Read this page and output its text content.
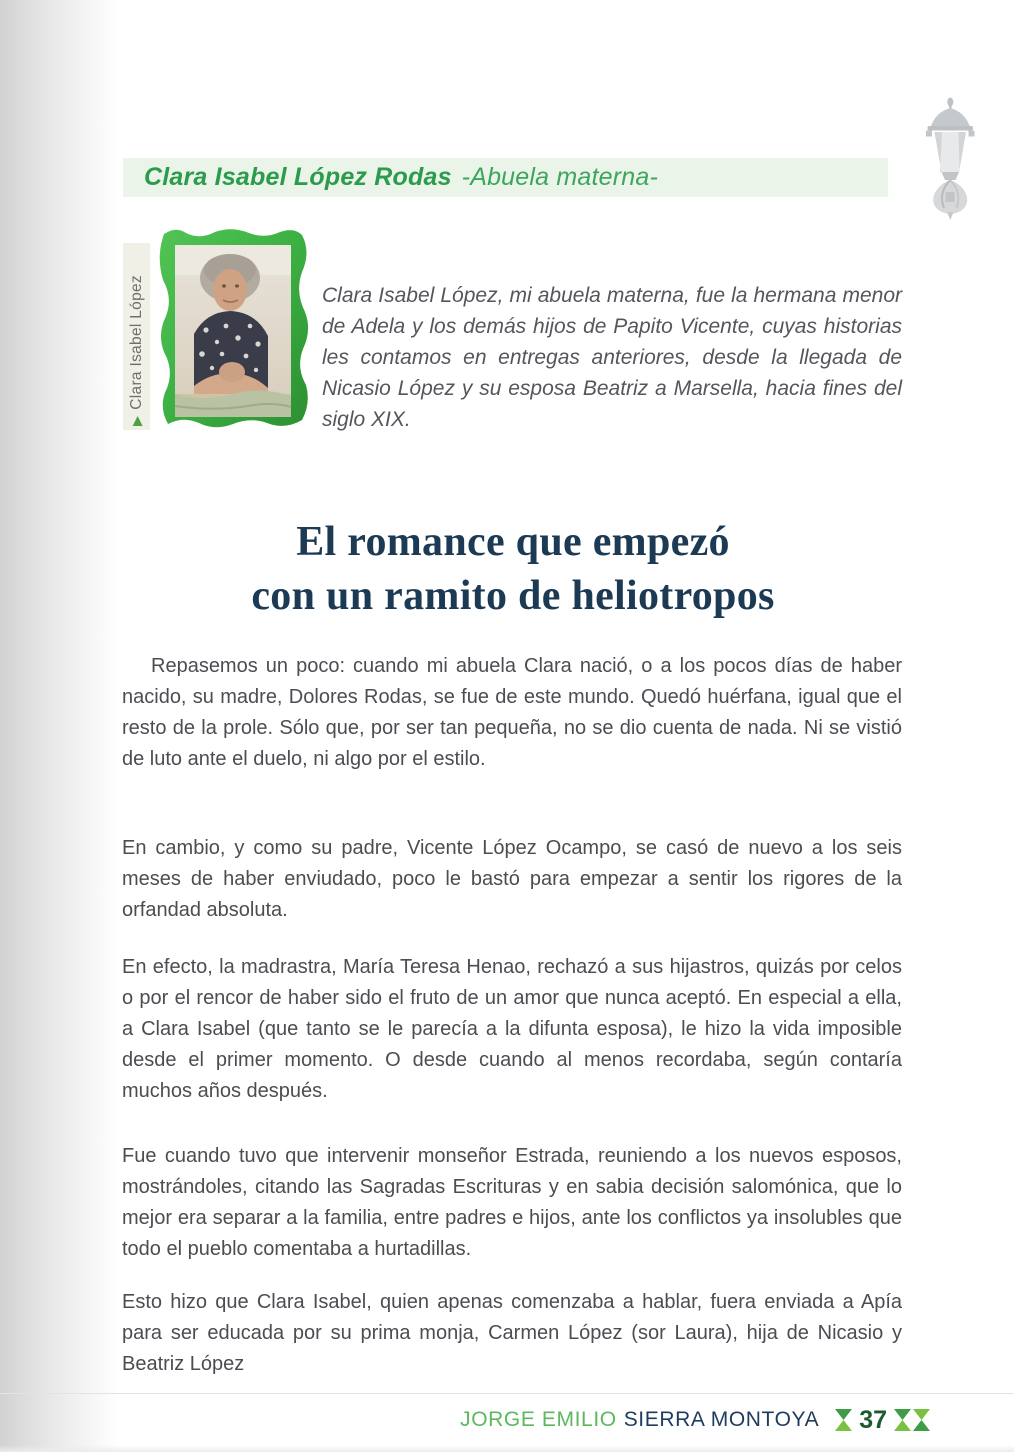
Clara Isabel López Rodas -Abuela materna-
▶Clara Isabel López	Clara Isabel López, mi abuela materna, fue la hermana menor de Adela y los demás hijos de Papito Vicente, cuyas historias les contamos en entregas anteriores, desde la llegada de Nicasio López y su esposa Beatriz a Marsella, hacia fines del siglo XIX.

El romance que empezó
con un ramito de heliotropos

Repasemos un poco: cuando mi abuela Clara nació, o a los pocos días de haber nacido, su madre, Dolores Rodas, se fue de este mundo. Quedó huérfana, igual que el resto de la prole. Sólo que, por ser tan pequeña, no se dio cuenta de nada. Ni se vistió de luto ante el duelo, ni algo por el estilo.

En cambio, y como su padre, Vicente López Ocampo, se casó de nuevo a los seis meses de haber enviudado, poco le bastó para empezar a sentir los rigores de la orfandad absoluta.

En efecto, la madrastra, María Teresa Henao, rechazó a sus hijastros, quizás por celos o por el rencor de haber sido el fruto de un amor que nunca aceptó. En especial a ella, a Clara Isabel (que tanto se le parecía a la difunta esposa), le hizo la vida imposible desde el primer momento. O desde cuando al menos recordaba, según contaría muchos años después.

Fue cuando tuvo que intervenir monseñor Estrada, reuniendo a los nuevos esposos, mostrándoles, citando las Sagradas Escrituras y en sabia decisión salomónica, que lo mejor era separar a la familia, entre padres e hijos, ante los conflictos ya insolubles que todo el pueblo comentaba a hurtadillas.

Esto hizo que Clara Isabel, quien apenas comenzaba a hablar, fuera enviada a Apía para ser educada por su prima monja, Carmen López (sor Laura), hija de Nicasio y Beatriz López

JORGE EMILIO SIERRA MONTOYA 37
